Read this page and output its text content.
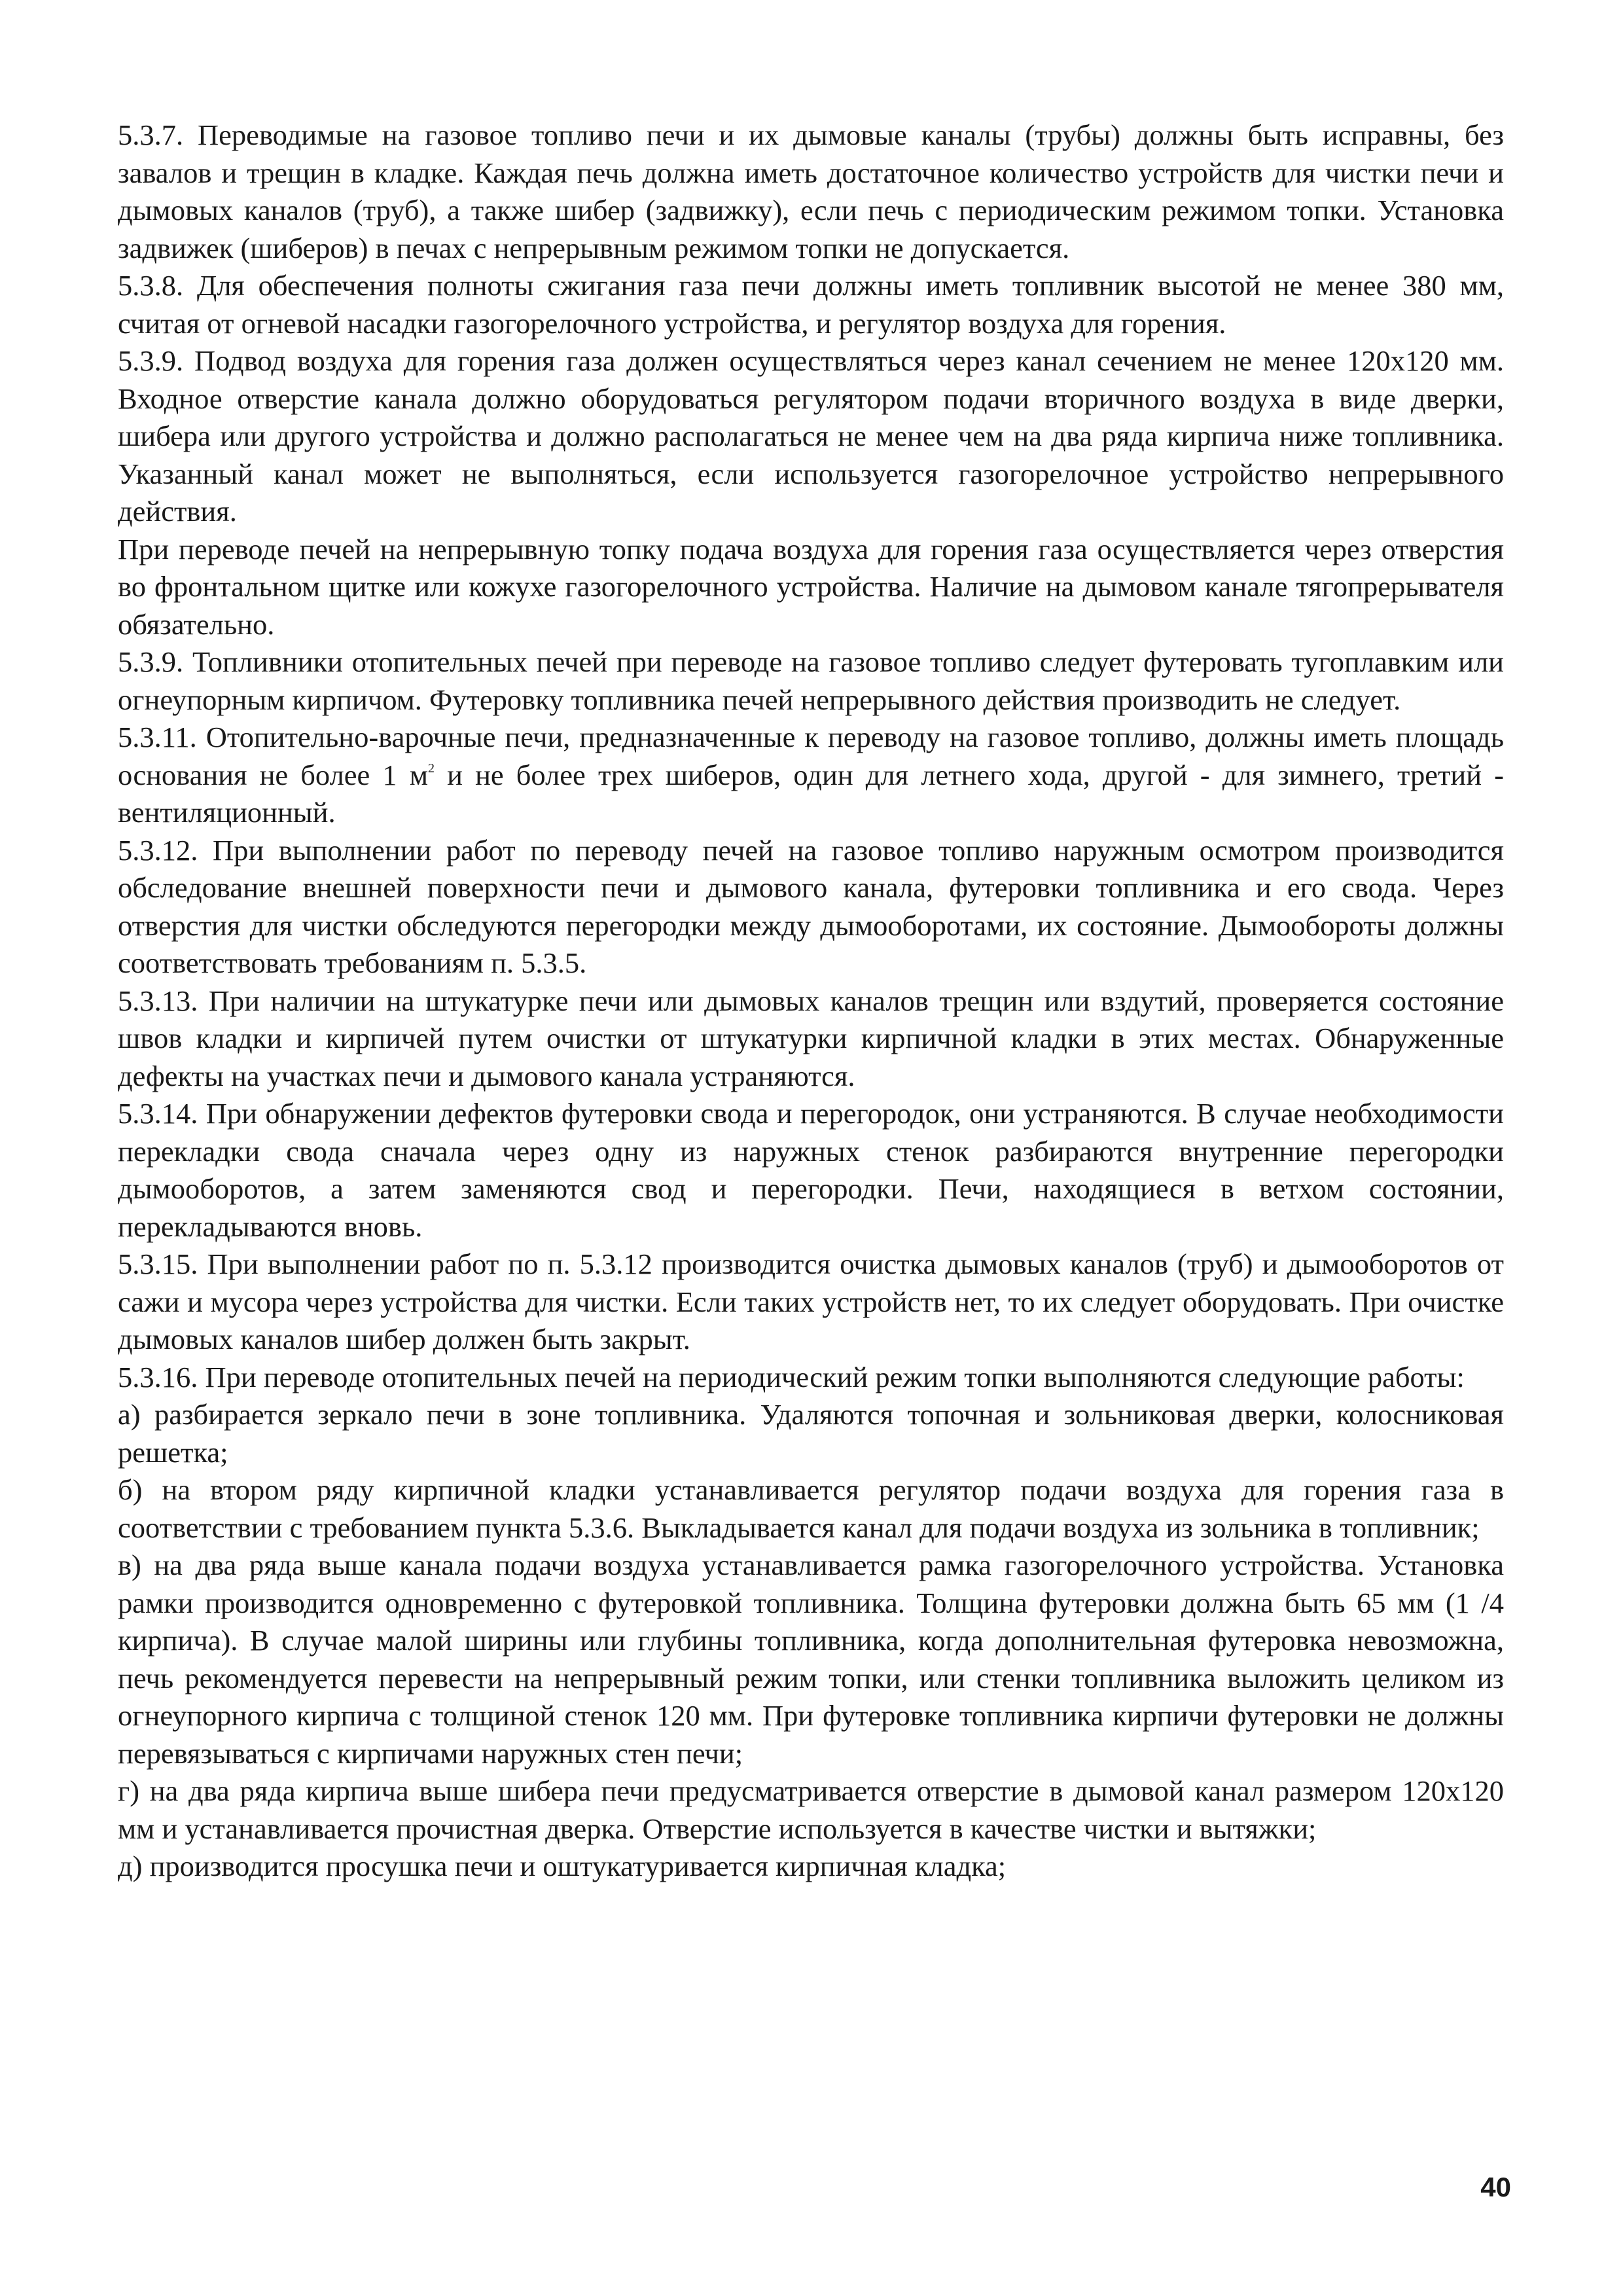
5.3.7. Переводимые на газовое топливо печи и их дымовые каналы (трубы) должны быть исправны, без завалов и трещин в кладке. Каждая печь должна иметь достаточное количество устройств для чистки печи и дымовых каналов (труб), а также шибер (задвижку), если печь с периодическим режимом топки. Установка задвижек (шиберов) в печах с непрерывным режимом топки не допускается.

5.3.8. Для обеспечения полноты сжигания газа печи должны иметь топливник высотой не менее 380 мм, считая от огневой насадки газогорелочного устройства, и регулятор воздуха для горения.

5.3.9. Подвод воздуха для горения газа должен осуществляться через канал сечением не менее 120x120 мм. Входное отверстие канала должно оборудоваться регулятором подачи вторичного воздуха в виде дверки, шибера или другого устройства и должно располагаться не менее чем на два ряда кирпича ниже топливника. Указанный канал может не выполняться, если используется газогорелочное устройство непрерывного действия.

При переводе печей на непрерывную топку подача воздуха для горения газа осуществляется через отверстия во фронтальном щитке или кожухе газогорелочного устройства. Наличие на дымовом канале тягопрерывателя обязательно.

5.3.9. Топливники отопительных печей при переводе на газовое топливо следует футеровать тугоплавким или огнеупорным кирпичом. Футеровку топливника печей непрерывного действия производить не следует.

5.3.11. Отопительно-варочные печи, предназначенные к переводу на газовое топливо, должны иметь площадь основания не более 1 $м^2$ и не более трех шиберов, один для летнего хода, другой - для зимнего, третий - вентиляционный.

5.3.12. При выполнении работ по переводу печей на газовое топливо наружным осмотром производится обследование внешней поверхности печи и дымового канала, футеровки топливника и его свода. Через отверстия для чистки обследуются перегородки между дымооборотами, их состояние. Дымообороты должны соответствовать требованиям п. 5.3.5.

5.3.13. При наличии на штукатурке печи или дымовых каналов трещин или вздутий, проверяется состояние швов кладки и кирпичей путем очистки от штукатурки кирпичной кладки в этих местах. Обнаруженные дефекты на участках печи и дымового канала устраняются.

5.3.14. При обнаружении дефектов футеровки свода и перегородок, они устраняются. В случае необходимости перекладки свода сначала через одну из наружных стенок разбираются внутренние перегородки дымооборотов, а затем заменяются свод и перегородки. Печи, находящиеся в ветхом состоянии, перекладываются вновь.

5.3.15. При выполнении работ по п. 5.3.12 производится очистка дымовых каналов (труб) и дымооборотов от сажи и мусора через устройства для чистки. Если таких устройств нет, то их следует оборудовать. При очистке дымовых каналов шибер должен быть закрыт.

5.3.16. При переводе отопительных печей на периодический режим топки выполняются следующие работы:

а) разбирается зеркало печи в зоне топливника. Удаляются топочная и зольниковая дверки, колосниковая решетка;

б) на втором ряду кирпичной кладки устанавливается регулятор подачи воздуха для горения газа в соответствии с требованием пункта 5.3.6. Выкладывается канал для подачи воздуха из зольника в топливник;

в) на два ряда выше канала подачи воздуха устанавливается рамка газогорелочного устройства. Установка рамки производится одновременно с футеровкой топливника. Толщина футеровки должна быть 65 мм (1 /4 кирпича). В случае малой ширины или глубины топливника, когда дополнительная футеровка невозможна, печь рекомендуется перевести на непрерывный режим топки, или стенки топливника выложить целиком из огнеупорного кирпича с толщиной стенок 120 мм. При футеровке топливника кирпичи футеровки не должны перевязываться с кирпичами наружных стен печи;

г) на два ряда кирпича выше шибера печи предусматривается отверстие в дымовой канал размером 120x120 мм и устанавливается прочистная дверка. Отверстие используется в качестве чистки и вытяжки;

д) производится просушка печи и оштукатуривается кирпичная кладка;

40
